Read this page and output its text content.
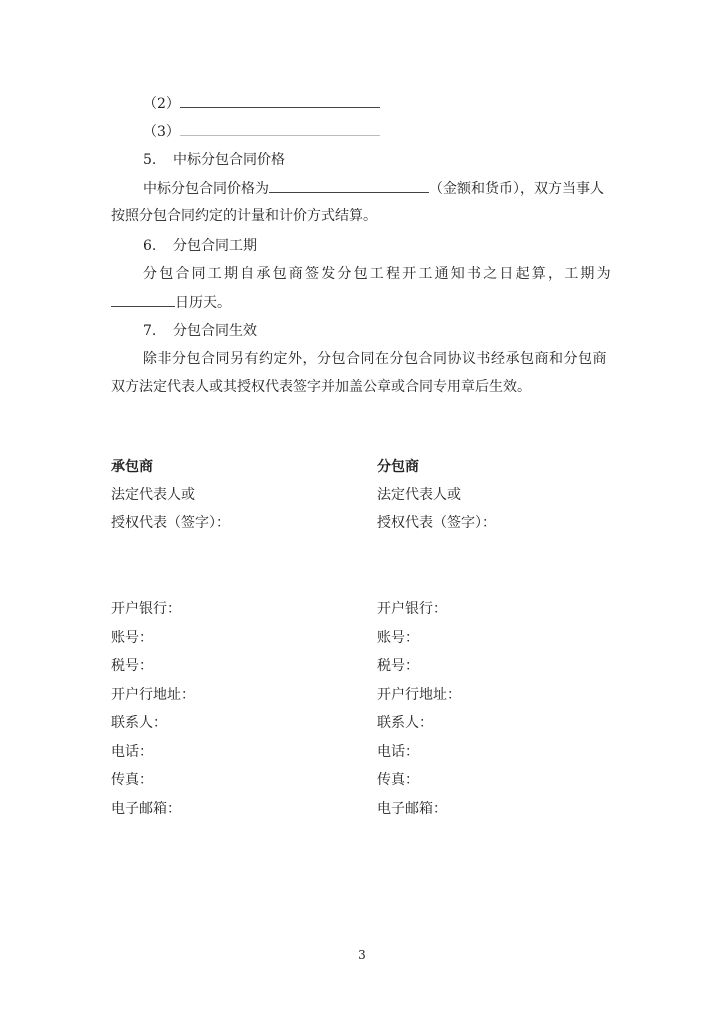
（2）
（3）
5. 中标分包合同价格
中标分包合同价格为	（金额和货币），双方当事人
按照分包合同约定的计量和计价方式结算。
6. 分包合同工期
分包合同工期自承包商签发分包工程开工通知书之日起算，工期为
日历天。
7. 分包合同生效
除非分包合同另有约定外，分包合同在分包合同协议书经承包商和分包商
双方法定代表人或其授权代表签字并加盖公章或合同专用章后生效。
承包商
法定代表人或
授权代表（签字）：
开户银行：
账号：
税号：
开户行地址：
联系人：
电话：
传真：
电子邮箱：
分包商
法定代表人或
授权代表（签字）：
开户银行：
账号：
税号：
开户行地址：
联系人：
电话：
传真：
电子邮箱：
3
